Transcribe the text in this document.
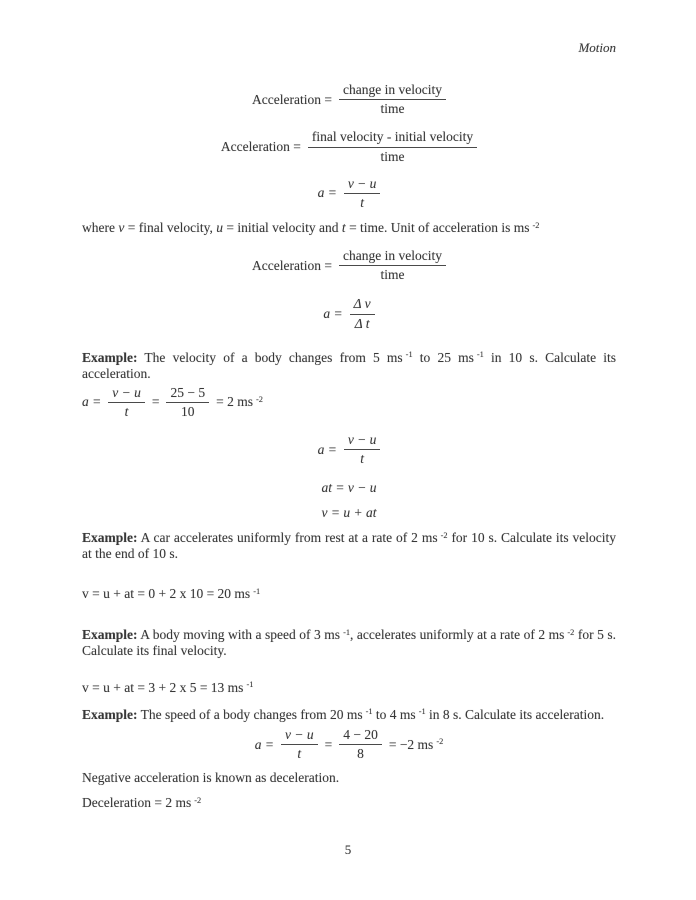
Motion
Acceleration = $\frac{\text{change in velocity}}{\text{time}}$
Acceleration = $\frac{\text{final velocity - initial velocity}}{\text{time}}$
$a = \frac{v - u}{t}$

where v = final velocity, u = initial velocity and t = time. Unit of acceleration is ms $^{-2}$

Acceleration = $\frac{\text{change in velocity}}{\text{time}}$
$a = \frac{\text{Δ v}}{\text{Δ t}}$

Example: The velocity of a body changes from 5 ms $^{-1}$ to 25 ms $^{-1}$ in 10 s. Calculate its acceleration.

$a = \frac{v - u}{t} = \frac{25 - 5}{10} = 2$ ms $^{-2}$
$a = \frac{v - u}{t}$
at = v − u
v = u + at

Example: A car accelerates uniformly from rest at a rate of 2 ms $^{-2}$ for 10 s. Calculate its velocity at the end of 10 s.

v = u + at = 0 + 2 x 10 = 20 ms $^{-1}$

Example: A body moving with a speed of 3 ms $^{-1}$, accelerates uniformly at a rate of 2 ms $^{-2}$ for 5 s. Calculate its final velocity.

v = u + at = 3 + 2 x 5 = 13 ms $^{-1}$

Example: The speed of a body changes from 20 ms $^{-1}$ to 4 ms $^{-1}$ in 8 s. Calculate its acceleration.

$a = \frac{v - u}{t} = \frac{4 - 20}{8} = -2$ ms $^{-2}$

Negative acceleration is known as deceleration.

Deceleration = 2 ms $^{-2}$

5
